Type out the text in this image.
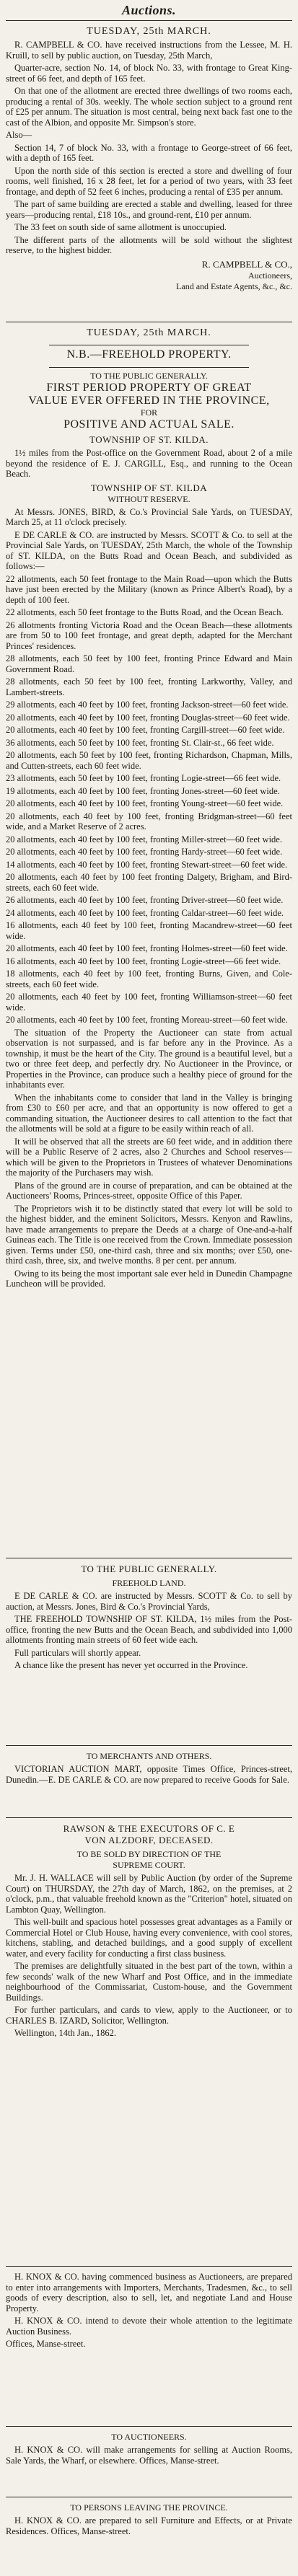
Auctions.
TUESDAY, 25th MARCH.

R. CAMPBELL & CO. have received instructions from the Lessee, M. H. Kruill, to sell by public auction, on Tuesday, 25th March,

Quarter-acre, section No. 14, of block No. 33, with frontage to Great King-street of 66 feet, and depth of 165 feet.

On that one of the allotment are erected three dwellings of two rooms each, producing a rental of 30s. weekly. The whole section subject to a ground rent of £25 per annum. The situation is most central, being next back fast one to the cast of the Albion, and opposite Mr. Simpson's store.

Also—

Section 14, 7 of block No. 33, with a frontage to George-street of 66 feet, with a depth of 165 feet.

Upon the north side of this section is erected a store and dwelling of four rooms, well finished, 16 x 28 feet, let for a period of two years, with 33 feet frontage, and depth of 52 feet 6 inches, producing a rental of £35 per annum.

The part of same building are erected a stable and dwelling, leased for three years—producing rental, £18 10s., and ground-rent, £10 per annum.

The 33 feet on south side of same allotment is unoccupied.

The different parts of the allotments will be sold without the slightest reserve, to the highest bidder.

R. CAMPBELL & CO.,
Auctioneers,
Land and Estate Agents, &c., &c.
TUESDAY, 25th MARCH.
N.B.—FREEHOLD PROPERTY.
TO THE PUBLIC GENERALLY.
FIRST PERIOD PROPERTY OF GREAT
VALUE EVER OFFERED IN THE PROVINCE,
FOR
POSITIVE AND ACTUAL SALE.
TOWNSHIP OF ST. KILDA.

1½ miles from the Post-office on the Government Road, about 2 of a mile beyond the residence of E. J. CARGILL, Esq., and running to the Ocean Beach.

TOWNSHIP OF ST. KILDA
WITHOUT RESERVE.

At Messrs. JONES, BIRD, & Co.'s Provincial Sale Yards, on TUESDAY, March 25, at 11 o'clock precisely.

E DE CARLE & CO. are instructed by Messrs. SCOTT & Co. to sell at the Provincial Sale Yards, on TUESDAY, 25th March, the whole of the Township of ST. KILDA, on the Butts Road and Ocean Beach, and subdivided as follows:—

22 allotments, each 50 feet frontage to the Main Road—upon which the Butts have just been erected by the Military (known as Prince Albert's Road), by a depth of 100 feet.

22 allotments, each 50 feet frontage to the Butts Road, and the Ocean Beach.

26 allotments fronting Victoria Road and the Ocean Beach—these allotments are from 50 to 100 feet frontage, and great depth, adapted for the Merchant Princes' residences.

28 allotments, each 50 feet by 100 feet, fronting Prince Edward and Main Government Road.

28 allotments, each 50 feet by 100 feet, fronting Larkworthy, Valley, and Lambert-streets.

29 allotments, each 40 feet by 100 feet, fronting Jackson-street—60 feet wide.

20 allotments, each 40 feet by 100 feet, fronting Douglas-street—60 feet wide.

20 allotments, each 40 feet by 100 feet, fronting Cargill-street—60 feet wide.

36 allotments, each 50 feet by 100 feet, fronting St. Clair-st., 66 feet wide.

20 allotments, each 50 feet by 100 feet, fronting Richardson, Chapman, Mills, and Cutten-streets, each 60 feet wide.

23 allotments, each 50 feet by 100 feet, fronting Logie-street—66 feet wide.

19 allotments, each 40 feet by 100 feet, fronting Jones-street—60 feet wide.

20 allotments, each 40 feet by 100 feet, fronting Young-street—60 feet wide.

20 allotments, each 40 feet by 100 feet, fronting Bridgman-street—60 feet wide, and a Market Reserve of 2 acres.

20 allotments, each 40 feet by 100 feet, fronting Miller-street—60 feet wide.

20 allotments, each 40 feet by 100 feet, fronting Hardy-street—60 feet wide.

14 allotments, each 40 feet by 100 feet, fronting Stewart-street—60 feet wide.

20 allotments, each 40 feet by 100 feet fronting Dalgety, Brigham, and Bird-streets, each 60 feet wide.

26 allotments, each 40 feet by 100 feet, fronting Driver-street—60 feet wide.

24 allotments, each 40 feet by 100 feet, fronting Caldar-street—60 feet wide.

16 allotments, each 40 feet by 100 feet, fronting Macandrew-street—60 feet wide.

20 allotments, each 40 feet by 100 feet, fronting Holmes-street—60 feet wide.

16 allotments, each 40 feet by 100 feet, fronting Logie-street—66 feet wide.

18 allotments, each 40 feet by 100 feet, fronting Burns, Given, and Cole-streets, each 60 feet wide.

20 allotments, each 40 feet by 100 feet, fronting Williamson-street—60 feet wide.

20 allotments, each 40 feet by 100 feet, fronting Moreau-street—60 feet wide.

The situation of the Property the Auctioneer can state from actual observation is not surpassed, and is far before any in the Province. As a township, it must be the heart of the City. The ground is a beautiful level, but a two or three feet deep, and perfectly dry. No Auctioneer in the Province, or Properties in the Province, can produce such a healthy piece of ground for the inhabitants ever.

When the inhabitants come to consider that land in the Valley is bringing from £30 to £60 per acre, and that an opportunity is now offered to get a commanding situation, the Auctioneer desires to call attention to the fact that the allotments will be sold at a figure to be easily within reach of all.

It will be observed that all the streets are 60 feet wide, and in addition there will be a Public Reserve of 2 acres, also 2 Churches and School reserves—which will be given to the Proprietors in Trustees of whatever Denominations the majority of the Purchasers may wish.

Plans of the ground are in course of preparation, and can be obtained at the Auctioneers' Rooms, Princes-street, opposite Office of this Paper.

The Proprietors wish it to be distinctly stated that every lot will be sold to the highest bidder, and the eminent Solicitors, Messrs. Kenyon and Rawlins, have made arrangements to prepare the Deeds at a charge of One-and-a-half Guineas each. The Title is one received from the Crown. Immediate possession given. Terms under £50, one-third cash, three and six months; over £50, one-third cash, three, six, and twelve months. 8 per cent. per annum.

Owing to its being the most important sale ever held in Dunedin Champagne Luncheon will be provided.

TO THE PUBLIC GENERALLY.
FREEHOLD LAND.

E DE CARLE & CO. are instructed by Messrs. SCOTT & Co. to sell by auction, at Messrs. Jones, Bird & Co.'s Provincial Yards,

THE FREEHOLD TOWNSHIP OF ST. KILDA, 1½ miles from the Post-office, fronting the new Butts and the Ocean Beach, and subdivided into 1,000 allotments fronting main streets of 60 feet wide each.

Full particulars will shortly appear.

A chance like the present has never yet occurred in the Province.

TO MERCHANTS AND OTHERS.

VICTORIAN AUCTION MART, opposite Times Office, Princes-street, Dunedin.—E. DE CARLE & CO. are now prepared to receive Goods for Sale.

RAWSON & THE EXECUTORS OF C. E
VON ALZDORF, DECEASED.
TO BE SOLD BY DIRECTION OF THE
SUPREME COURT.

Mr. J. H. WALLACE will sell by Public Auction (by order of the Supreme Court) on THURSDAY, the 27th day of March, 1862, on the premises, at 2 o'clock, p.m., that valuable freehold known as the "Criterion" hotel, situated on Lambton Quay, Wellington.

This well-built and spacious hotel possesses great advantages as a Family or Commercial Hotel or Club House, having every convenience, with cool stores, kitchens, stabling, and detached buildings, and a good supply of excellent water, and every facility for conducting a first class business.

The premises are delightfully situated in the best part of the town, within a few seconds' walk of the new Wharf and Post Office, and in the immediate neighbourhood of the Commissariat, Custom-house, and the Government Buildings.

For further particulars, and cards to view, apply to the Auctioneer, or to CHARLES B. IZARD, Solicitor, Wellington.

Wellington, 14th Jan., 1862.

H. KNOX & CO. having commenced business as Auctioneers, are prepared to enter into arrangements with Importers, Merchants, Tradesmen, &c., to sell goods of every description, also to sell, let, and negotiate Land and House Property.

H. KNOX & CO. intend to devote their whole attention to the legitimate Auction Business.

Offices, Manse-street.

TO AUCTIONEERS.

H. KNOX & CO. will make arrangements for selling at Auction Rooms, Sale Yards, the Wharf, or elsewhere. Offices, Manse-street.

TO PERSONS LEAVING THE PROVINCE.

H. KNOX & CO. are prepared to sell Furniture and Effects, or at Private Residences. Offices, Manse-street.
